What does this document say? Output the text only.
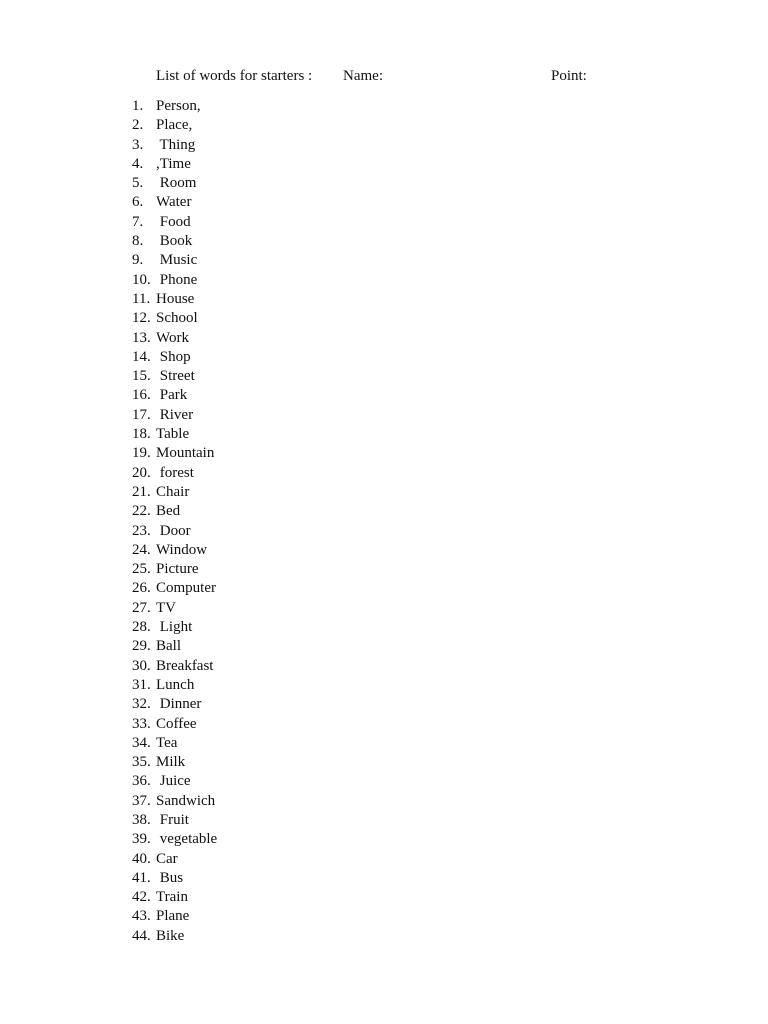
List of words for starters : Name:	Point:
1. Person,
2. Place,
3. Thing
4. ,Time
5. Room
6. Water
7. Food
8. Book
9. Music
10. Phone
11. House
12. School
13. Work
14. Shop
15. Street
16. Park
17. River
18. Table
19. Mountain
20. forest
21. Chair
22. Bed
23. Door
24. Window
25. Picture
26. Computer
27. TV
28. Light
29. Ball
30. Breakfast
31. Lunch
32. Dinner
33. Coffee
34. Tea
35. Milk
36. Juice
37. Sandwich
38. Fruit
39. vegetable
40. Car
41. Bus
42. Train
43. Plane
44. Bike
